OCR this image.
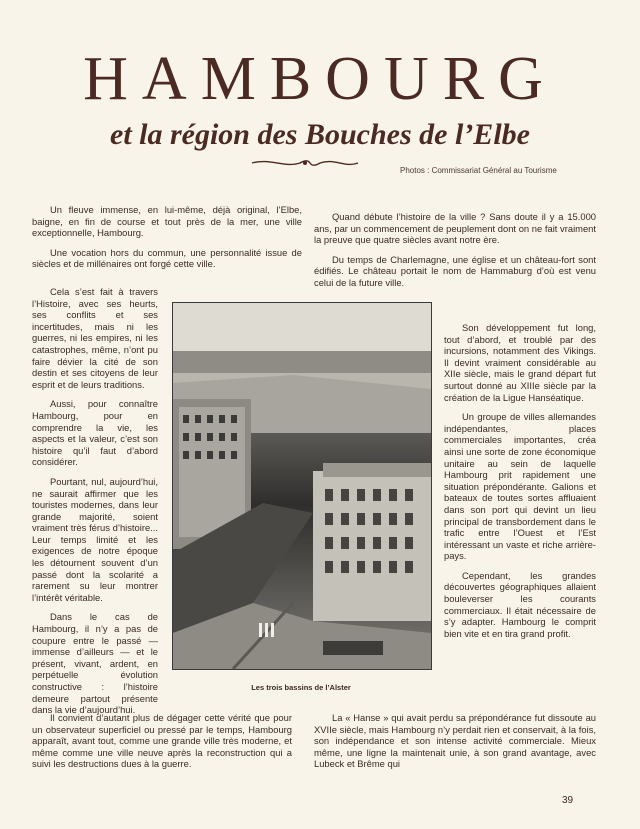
HAMBOURG
et la région des Bouches de l’Elbe
Photos : Commissariat Général au Tourisme

Un fleuve immense, en lui-même, déjà original, l’Elbe, baigne, en fin de course et tout près de la mer, une ville exceptionnelle, Hambourg.

Une vocation hors du commun, une personnalité issue de siècles et de millénaires ont forgé cette ville.

Cela s’est fait à travers l’Histoire, avec ses heurts, ses conflits et ses incertitudes, mais ni les guerres, ni les empires, ni les catastrophes, même, n’ont pu faire dévier la cité de son destin et ses citoyens de leur esprit et de leurs traditions.

Aussi, pour connaître Hambourg, pour en comprendre la vie, les aspects et la valeur, c’est son histoire qu’il faut d’abord considérer.

Pourtant, nul, aujourd’hui, ne saurait affirmer que les touristes modernes, dans leur grande majorité, soient vraiment très férus d’histoire... Leur temps limité et les exigences de notre époque les détournent souvent d’un passé dont la scolarité a rarement su leur montrer l’intérêt véritable.

Dans le cas de Hambourg, il n’y a pas de coupure entre le passé — immense d’ailleurs — et le présent, vivant, ardent, en perpétuelle évolution constructive : l’histoire demeure partout présente dans la vie d’aujourd’hui.

Quand débute l’histoire de la ville ? Sans doute il y a 15.000 ans, par un commencement de peuplement dont on ne fait vraiment la preuve que quatre siècles avant notre ère.

Du temps de Charlemagne, une église et un château-fort sont édifiés. Le château portait le nom de Hammaburg d’où est venu celui de la future ville.

Son développement fut long, tout d’abord, et troublé par des incursions, notamment des Vikings. Il devint vraiment considérable au XIIe siècle, mais le grand départ fut surtout donné au XIIIe siècle par la création de la Ligue Hanséatique.

Un groupe de villes allemandes indépendantes, places commerciales importantes, créa ainsi une sorte de zone économique unitaire au sein de laquelle Hambourg prit rapidement une situation prépondérante. Galions et bateaux de toutes sortes affluaient dans son port qui devint un lieu principal de transbordement dans le trafic entre l’Ouest et l’Est intéressant un vaste et riche arrière-pays.

Cependant, les grandes découvertes géographiques allaient bouleverser les courants commerciaux. Il était nécessaire de s’y adapter. Hambourg le comprit bien vite et en tira grand profit.

Les trois bassins de l’Alster

Il convient d’autant plus de dégager cette vérité que pour un observateur superficiel ou pressé par le temps, Hambourg apparaît, avant tout, comme une grande ville très moderne, et même comme une ville neuve après la reconstruction qui a suivi les destructions dues à la guerre.

La « Hanse » qui avait perdu sa prépondérance fut dissoute au XVIIe siècle, mais Hambourg n’y perdait rien et conservait, à la fois, son indépendance et son intense activité commerciale. Mieux même, une ligne la maintenait unie, à son grand avantage, avec Lubeck et Brême qui

39
